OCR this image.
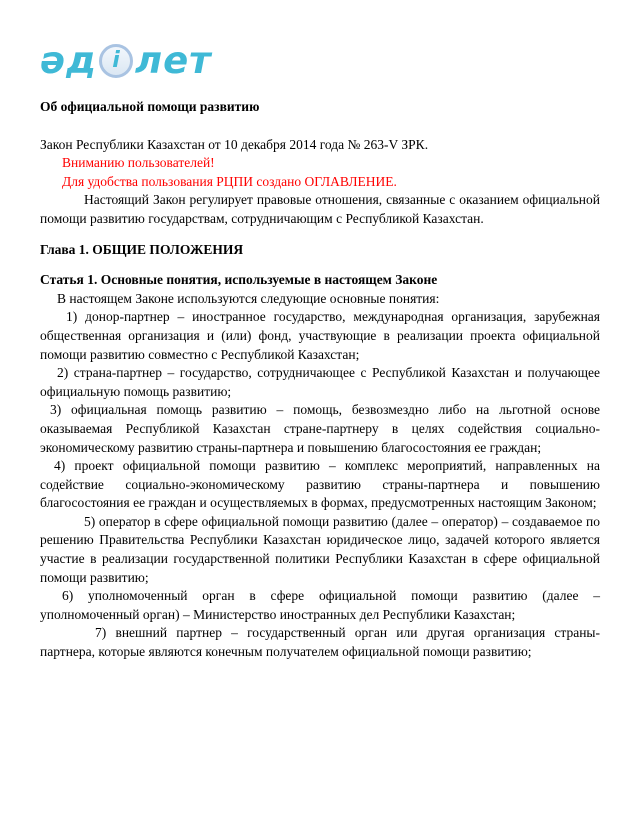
әд і лет

Об официальной помощи развитию

Закон Республики Казахстан от 10 декабря 2014 года № 263-V ЗРК.

Вниманию пользователей!

Для удобства пользования РЦПИ создано ОГЛАВЛЕНИЕ.

Настоящий Закон регулирует правовые отношения, связанные с оказанием официальной помощи развитию государствам, сотрудничающим с Республикой Казахстан.

Глава 1. ОБЩИЕ ПОЛОЖЕНИЯ

Статья 1. Основные понятия, используемые в настоящем Законе

В настоящем Законе используются следующие основные понятия:

1) донор-партнер – иностранное государство, международная организация, зарубежная общественная организация и (или) фонд, участвующие в реализации проекта официальной помощи развитию совместно с Республикой Казахстан;

2) страна-партнер – государство, сотрудничающее с Республикой Казахстан и получающее официальную помощь развитию;

3) официальная помощь развитию – помощь, безвозмездно либо на льготной основе оказываемая Республикой Казахстан стране-партнеру в целях содействия социально-экономическому развитию страны-партнера и повышению благосостояния ее граждан;

4) проект официальной помощи развитию – комплекс мероприятий, направленных на содействие социально-экономическому развитию страны-партнера и повышению благосостояния ее граждан и осуществляемых в формах, предусмотренных настоящим Законом;

5) оператор в сфере официальной помощи развитию (далее – оператор) – создаваемое по решению Правительства Республики Казахстан юридическое лицо, задачей которого является участие в реализации государственной политики Республики Казахстан в сфере официальной помощи развитию;

6) уполномоченный орган в сфере официальной помощи развитию (далее – уполномоченный орган) – Министерство иностранных дел Республики Казахстан;

7) внешний партнер – государственный орган или другая организация страны-партнера, которые являются конечным получателем официальной помощи развитию;
